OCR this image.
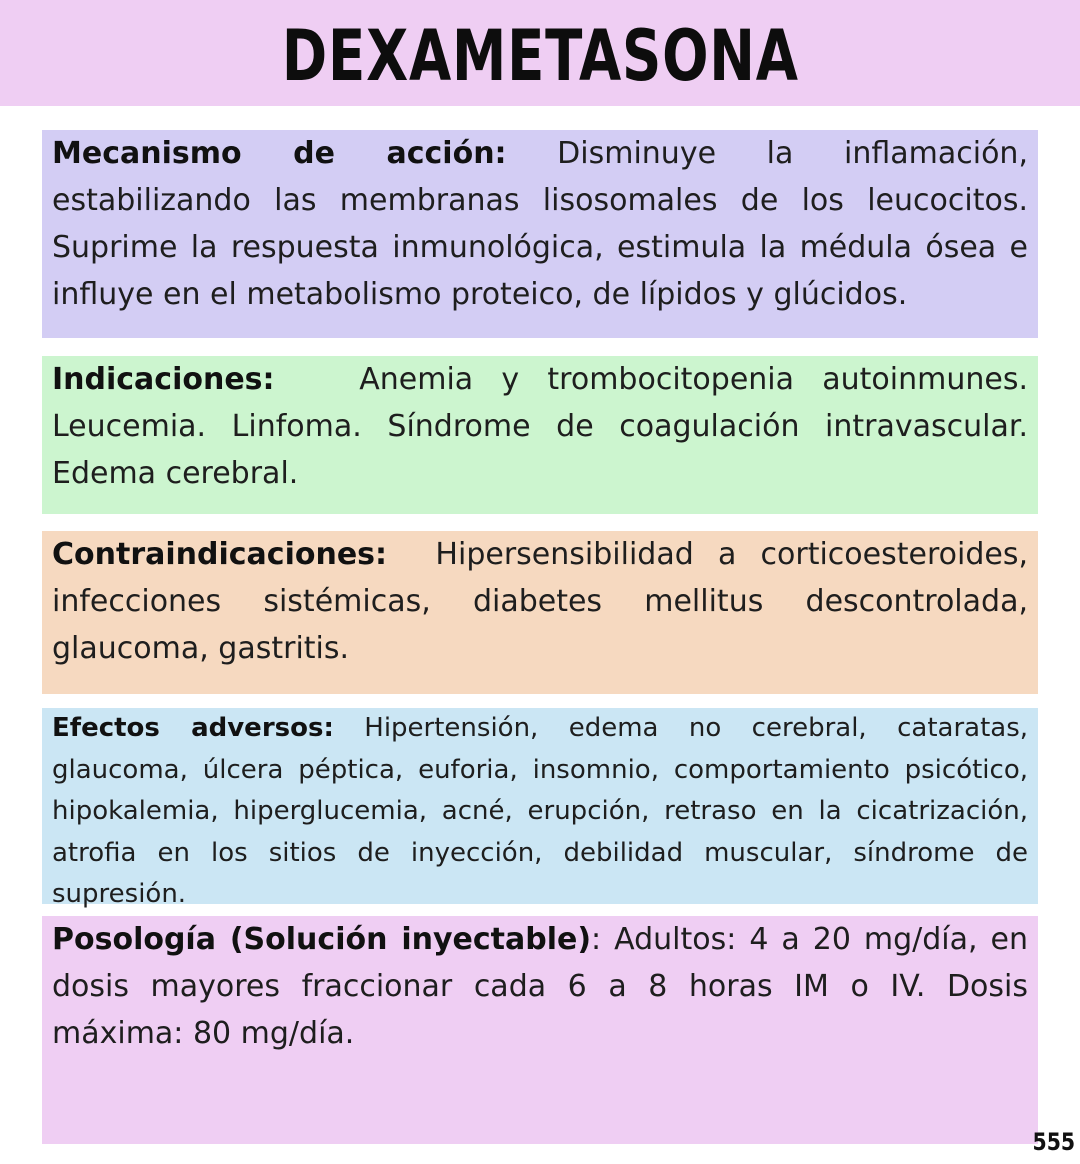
DEXAMETASONA

Mecanismo de acción: Disminuye la inflamación, estabilizando las membranas lisosomales de los leucocitos. Suprime la respuesta inmunológica, estimula la médula ósea e influye en el metabolismo proteico, de lípidos y glúcidos.

Indicaciones:   Anemia y trombocitopenia autoinmunes. Leucemia. Linfoma. Síndrome de coagulación intravascular. Edema cerebral.

Contraindicaciones:  Hipersensibilidad a corticoesteroides, infecciones sistémicas, diabetes mellitus descontrolada, glaucoma, gastritis.

Efectos adversos: Hipertensión, edema no cerebral, cataratas, glaucoma, úlcera péptica, euforia, insomnio, comportamiento psicótico, hipokalemia, hiperglucemia, acné, erupción, retraso en la cicatrización, atrofia en los sitios de inyección, debilidad muscular, síndrome de supresión.

Posología (Solución inyectable): Adultos: 4 a 20 mg/día, en dosis mayores fraccionar cada 6 a 8 horas IM o IV. Dosis máxima: 80 mg/día.

555
